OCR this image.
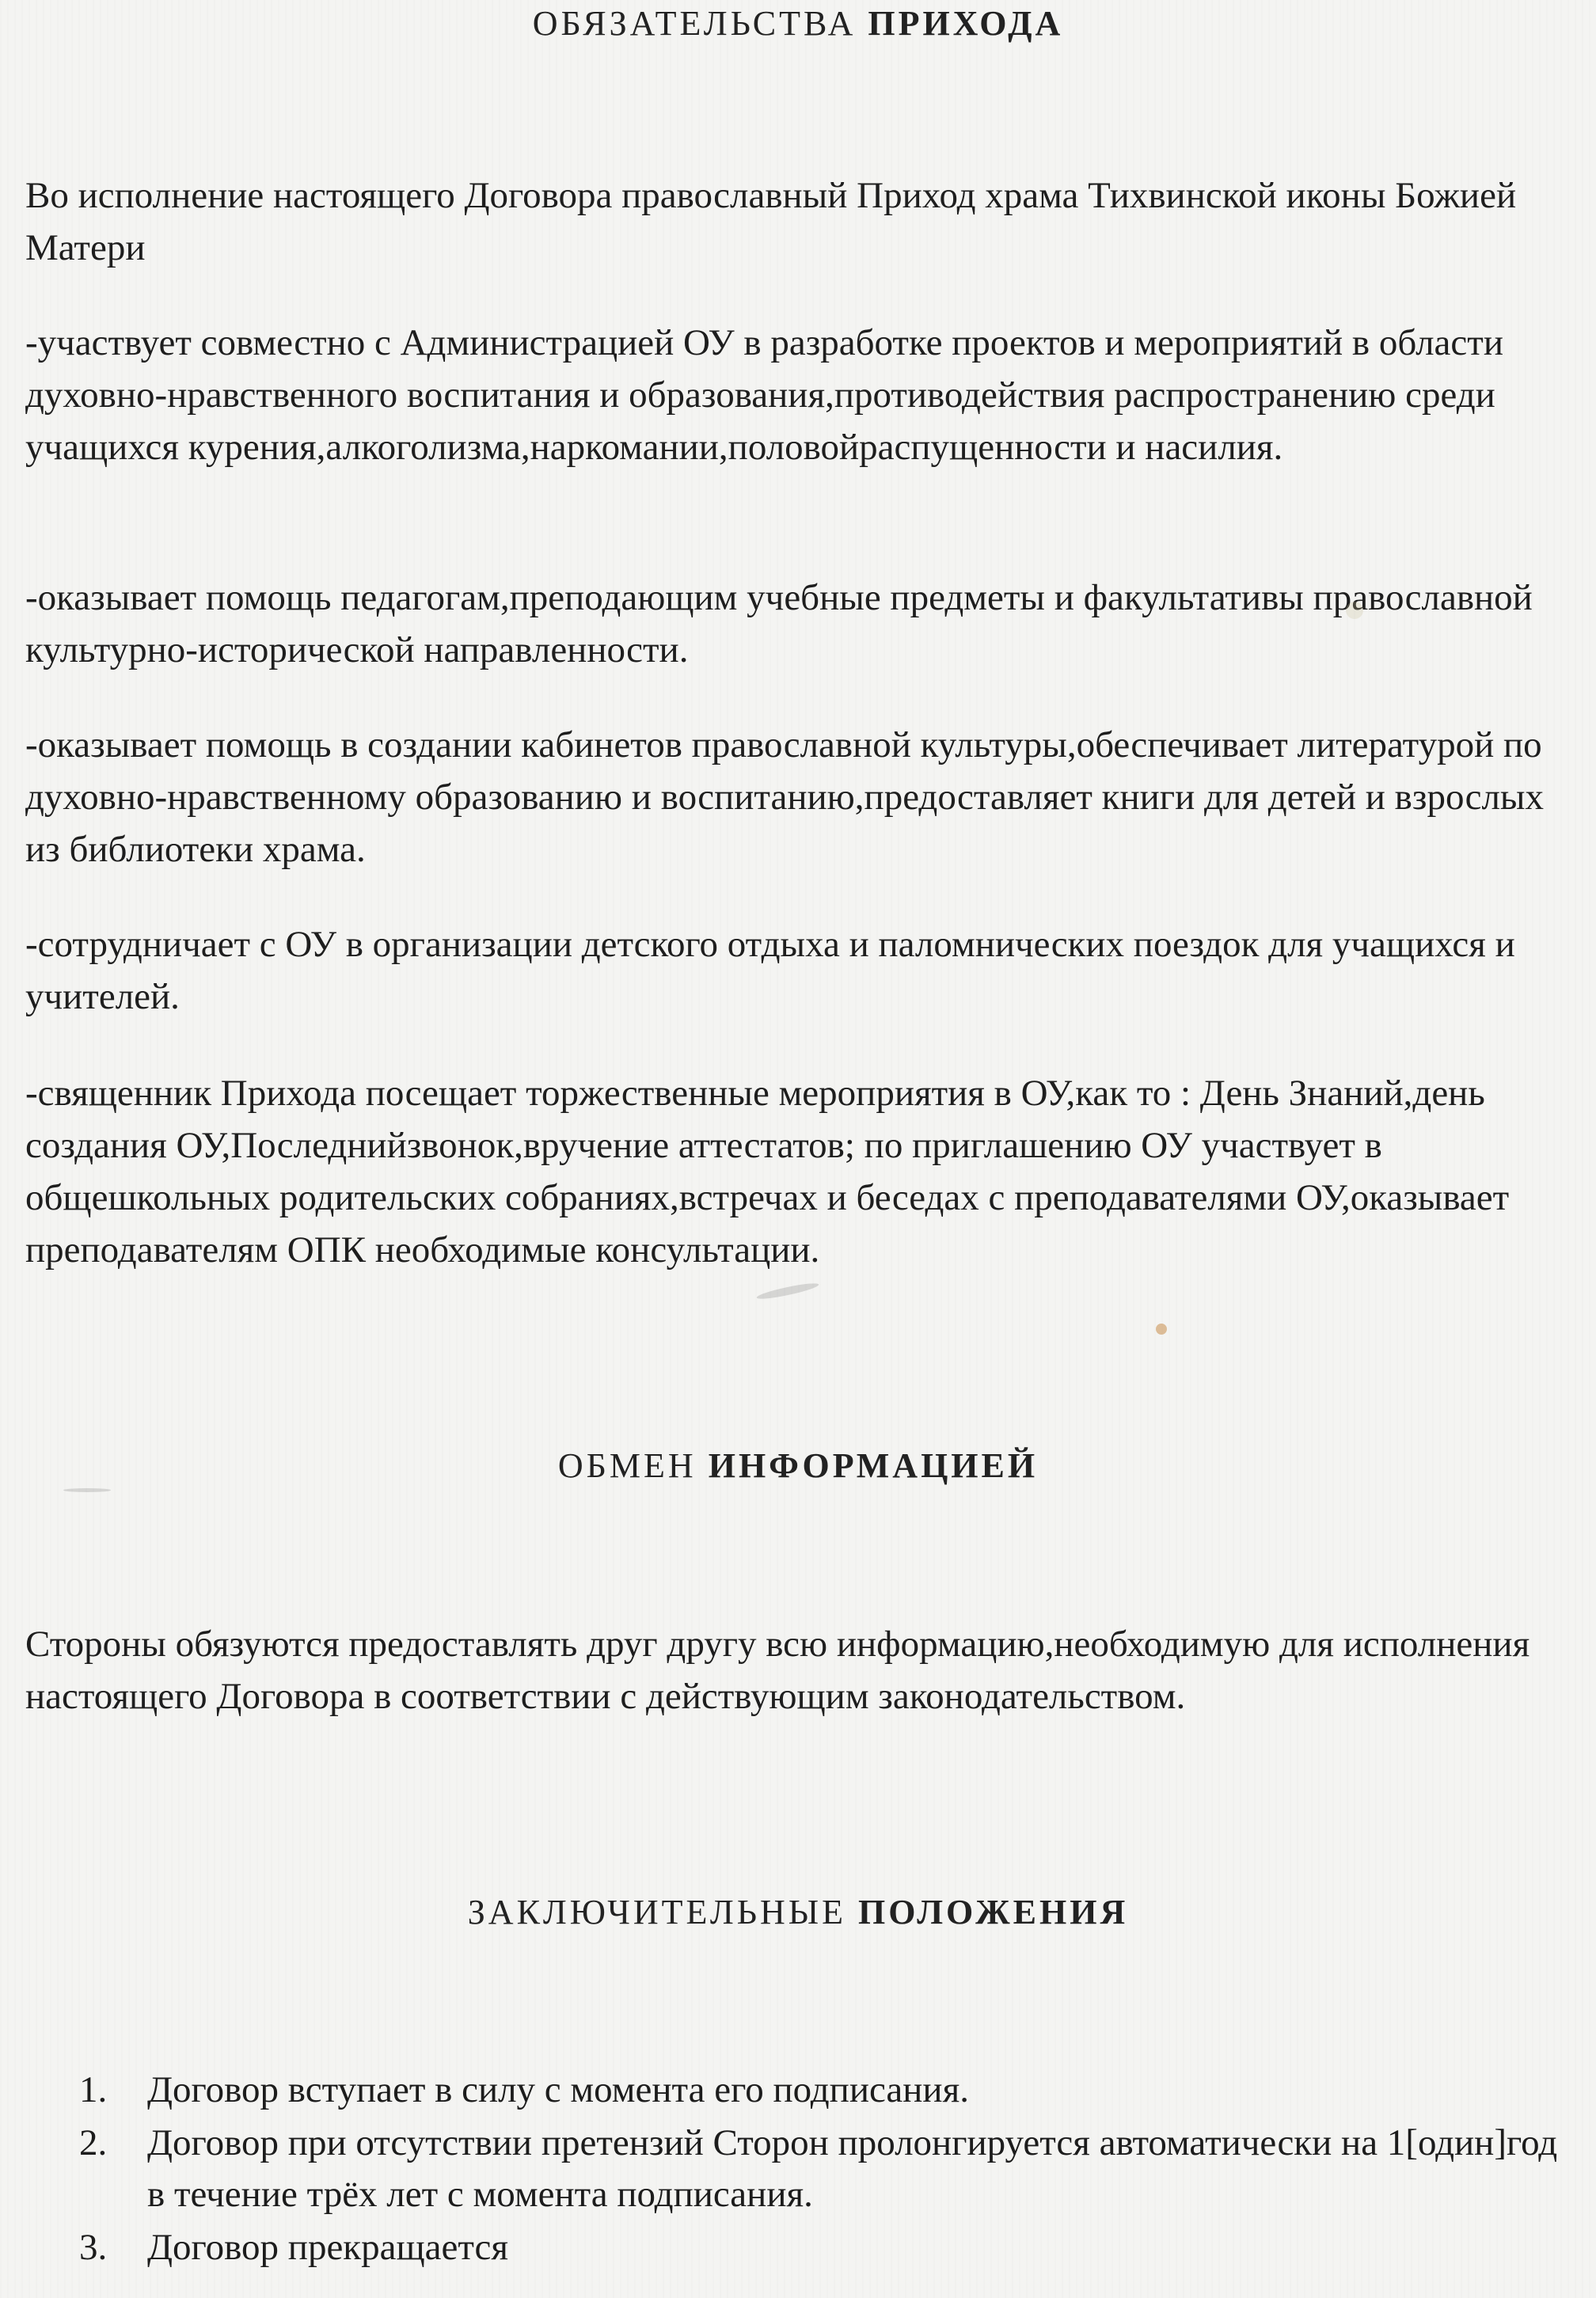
ОБЯЗАТЕЛЬСТВА ПРИХОДА

Во исполнение настоящего Договора православный Приход храма Тихвинской иконы Божией Матери

-участвует совместно с Администрацией ОУ в разработке проектов и мероприятий в области духовно-нравственного воспитания и образования,противодействия распространению среди учащихся курения,алкоголизма,наркомании,половойраспущенности и насилия.

-оказывает помощь педагогам,преподающим учебные предметы и факультативы православной культурно-исторической направленности.

-оказывает помощь в создании кабинетов православной культуры,обеспечивает литературой по духовно-нравственному образованию и воспитанию,предоставляет книги для детей и взрослых из библиотеки храма.

-сотрудничает с ОУ в организации детского отдыха и паломнических поездок для учащихся и учителей.

-священник Прихода посещает торжественные мероприятия в ОУ,как то : День Знаний,день создания ОУ,Последнийзвонок,вручение аттестатов; по приглашению ОУ участвует в общешкольных родительских собраниях,встречах и беседах с преподавателями ОУ,оказывает преподавателям ОПК необходимые консультации.

ОБМЕН ИНФОРМАЦИЕЙ

Стороны обязуются предоставлять друг другу всю информацию,необходимую для исполнения настоящего Договора в соответствии с действующим законодательством.

ЗАКЛЮЧИТЕЛЬНЫЕ ПОЛОЖЕНИЯ
1. Договор вступает в силу с момента его подписания.
2. Договор при отсутствии претензий Сторон пролонгируется автоматически на 1[один]год в течение трёх лет с момента подписания.
3. Договор прекращается
